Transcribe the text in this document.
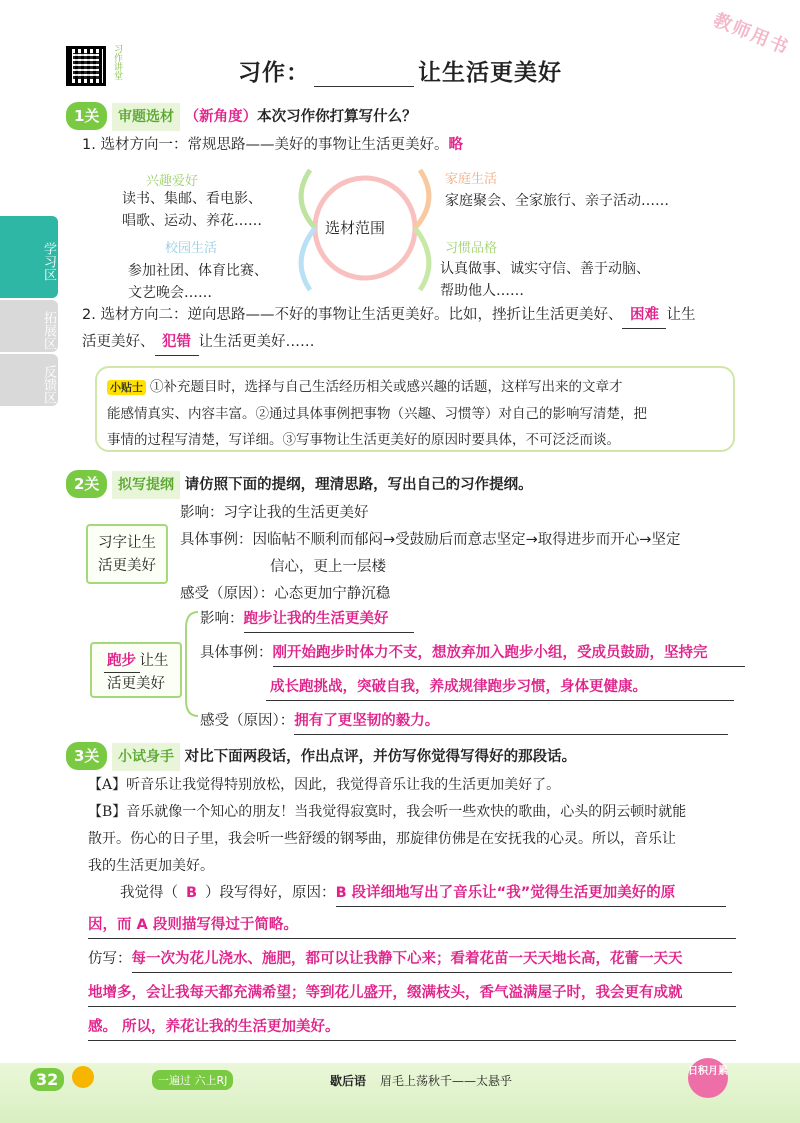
习作讲堂
教师用书
习作：	让生活更美好
学习区
拓展区
反馈区
1关 审题选材 （新角度）本次习作你打算写什么？
1. 选材方向一：常规思路——美好的事物让生活更美好。略
选材范围
兴趣爱好
读书、集邮、看电影、
唱歌、运动、养花……
家庭生活
家庭聚会、全家旅行、亲子活动……
校园生活
参加社团、体育比赛、
文艺晚会……
习惯品格
认真做事、诚实守信、善于动脑、
帮助他人……
2. 选材方向二：逆向思路——不好的事物让生活更美好。比如，挫折让生活更美好、 困难 让生
活更美好、 犯错 让生活更美好……
小贴士 ①补充题目时，选择与自己生活经历相关或感兴趣的话题，这样写出来的文章才
能感情真实、内容丰富。②通过具体事例把事物（兴趣、习惯等）对自己的影响写清楚，把
事情的过程写清楚，写详细。③写事物让生活更美好的原因时要具体，不可泛泛而谈。
2关 拟写提纲 请仿照下面的提纲，理清思路，写出自己的习作提纲。
习字让生
活更美好
影响：习字让我的生活更美好
具体事例：因临帖不顺利而郁闷→受鼓励后而意志坚定→取得进步而开心→坚定
信心，更上一层楼
感受（原因）：心态更加宁静沉稳
跑步 让生
活更美好
影响：跑步让我的生活更美好
具体事例：刚开始跑步时体力不支，想放弃加入跑步小组，受成员鼓励，坚持完
成长跑挑战，突破自我，养成规律跑步习惯，身体更健康。
感受（原因）：拥有了更坚韧的毅力。
3关 小试身手 对比下面两段话，作出点评，并仿写你觉得写得好的那段话。
【A】听音乐让我觉得特别放松，因此，我觉得音乐让我的生活更加美好了。
【B】音乐就像一个知心的朋友！当我觉得寂寞时，我会听一些欢快的歌曲，心头的阴云顿时就能
散开。伤心的日子里，我会听一些舒缓的钢琴曲，那旋律仿佛是在安抚我的心灵。所以，音乐让
我的生活更加美好。
我觉得（ B ）段写得好，原因：B 段详细地写出了音乐让“我”觉得生活更加美好的原
因，而 A 段则描写得过于简略。
仿写：每一次为花儿浇水、施肥，都可以让我静下心来；看着花苗一天天地长高，花蕾一天天
地增多，会让我每天都充满希望；等到花儿盛开，缀满枝头，香气溢满屋子时，我会更有成就
感。 所以，养花让我的生活更加美好。
32	一遍过 六上RJ	歇后语 眉毛上荡秋千——太悬乎
日积月累
